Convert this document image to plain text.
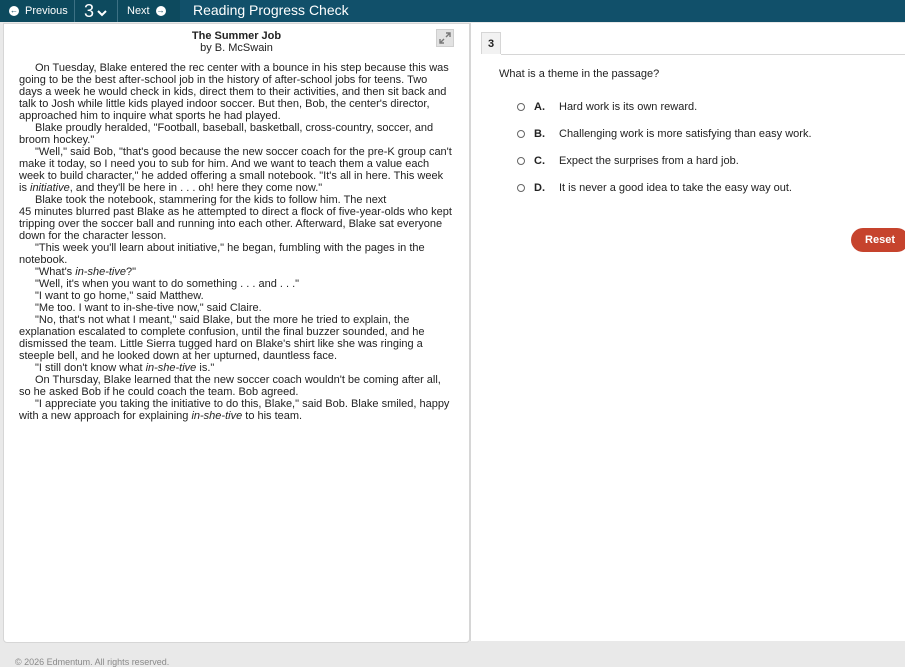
← Previous 3	Next → Reading Progress Check
The Summer Job
by B. McSwain

On Tuesday, Blake entered the rec center with a bounce in his step because this was going to be the best after-school job in the history of after-school jobs for teens. Two days a week he would check in kids, direct them to their activities, and then sit back and talk to Josh while little kids played indoor soccer. But then, Bob, the center's director, approached him to inquire what sports he had played.

Blake proudly heralded, "Football, baseball, basketball, cross-country, soccer, and broom hockey."

"Well," said Bob, "that's good because the new soccer coach for the pre-K group can't make it today, so I need you to sub for him. And we want to teach them a value each week to build character," he added offering a small notebook. "It's all in here. This week is initiative, and they'll be here in . . . oh! here they come now."

Blake took the notebook, stammering for the kids to follow him. The next

45 minutes blurred past Blake as he attempted to direct a flock of five-year-olds who kept tripping over the soccer ball and running into each other. Afterward, Blake sat everyone down for the character lesson.

"This week you'll learn about initiative," he began, fumbling with the pages in the notebook.

"What's in-she-tive?"

"Well, it's when you want to do something . . . and . . ."

"I want to go home," said Matthew.

"Me too. I want to in-she-tive now," said Claire.

"No, that's not what I meant," said Blake, but the more he tried to explain, the explanation escalated to complete confusion, until the final buzzer sounded, and he dismissed the team. Little Sierra tugged hard on Blake's shirt like she was ringing a steeple bell, and he looked down at her upturned, dauntless face.

"I still don't know what in-she-tive is."

On Thursday, Blake learned that the new soccer coach wouldn't be coming after all, so he asked Bob if he could coach the team. Bob agreed.

"I appreciate you taking the initiative to do this, Blake," said Bob. Blake smiled, happy with a new approach for explaining in-she-tive to his team.

3
What is a theme in the passage?
A.	Hard work is its own reward.
B.	Challenging work is more satisfying than easy work.
C.	Expect the surprises from a hard job.
D.	It is never a good idea to take the easy way out.
Reset
© 2026 Edmentum. All rights reserved.
